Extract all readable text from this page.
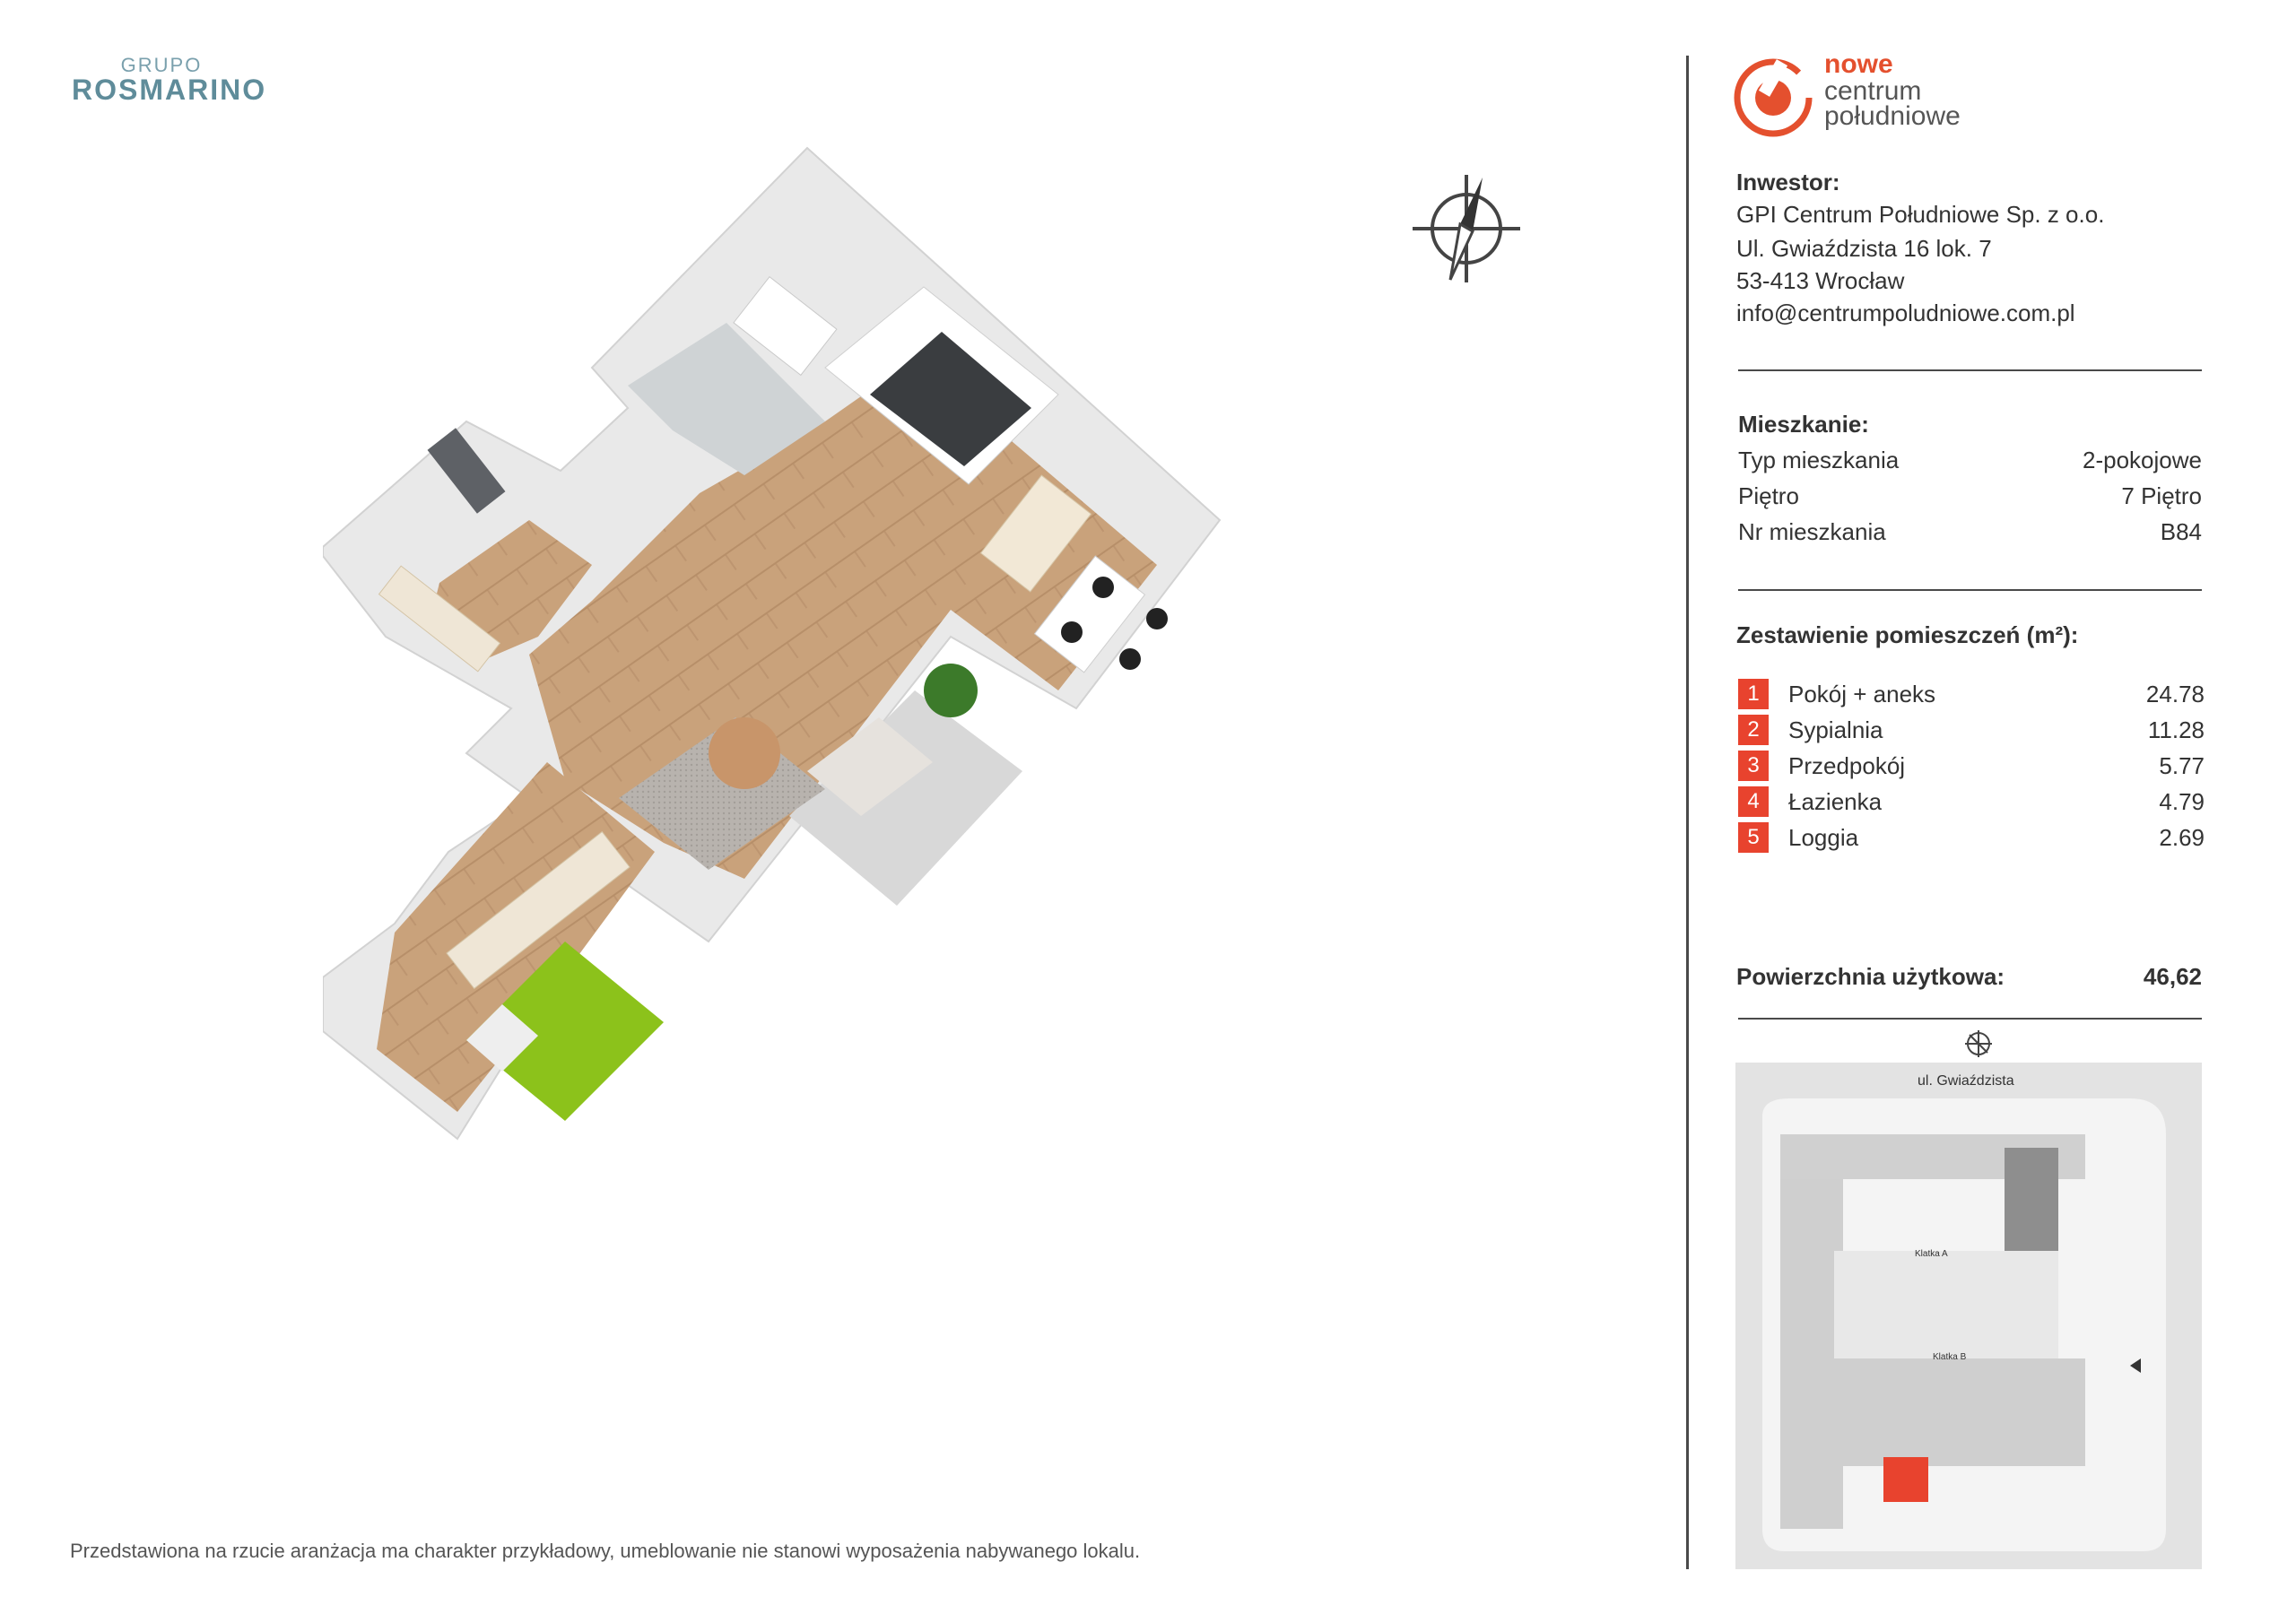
GRUPO
ROSMARINO
nowe
centrum
południowe
Inwestor:
GPI Centrum Południowe Sp. z o.o.
Ul. Gwiaździsta 16 lok. 7
53-413 Wrocław
info@centrumpoludniowe.com.pl
Mieszkanie:
Typ mieszkania	2-pokojowe
Piętro	7 Piętro
Nr mieszkania	B84
Zestawienie pomieszczeń (m²):
1	Pokój + aneks	24.78
2	Sypialnia	11.28
3	Przedpokój	5.77
4	Łazienka	4.79
5	Loggia	2.69
Powierzchnia użytkowa:	46,62
ul. Gwiaździsta
Klatka A
Klatka B
Przedstawiona na rzucie aranżacja ma charakter przykładowy, umeblowanie nie stanowi wyposażenia nabywanego lokalu.
